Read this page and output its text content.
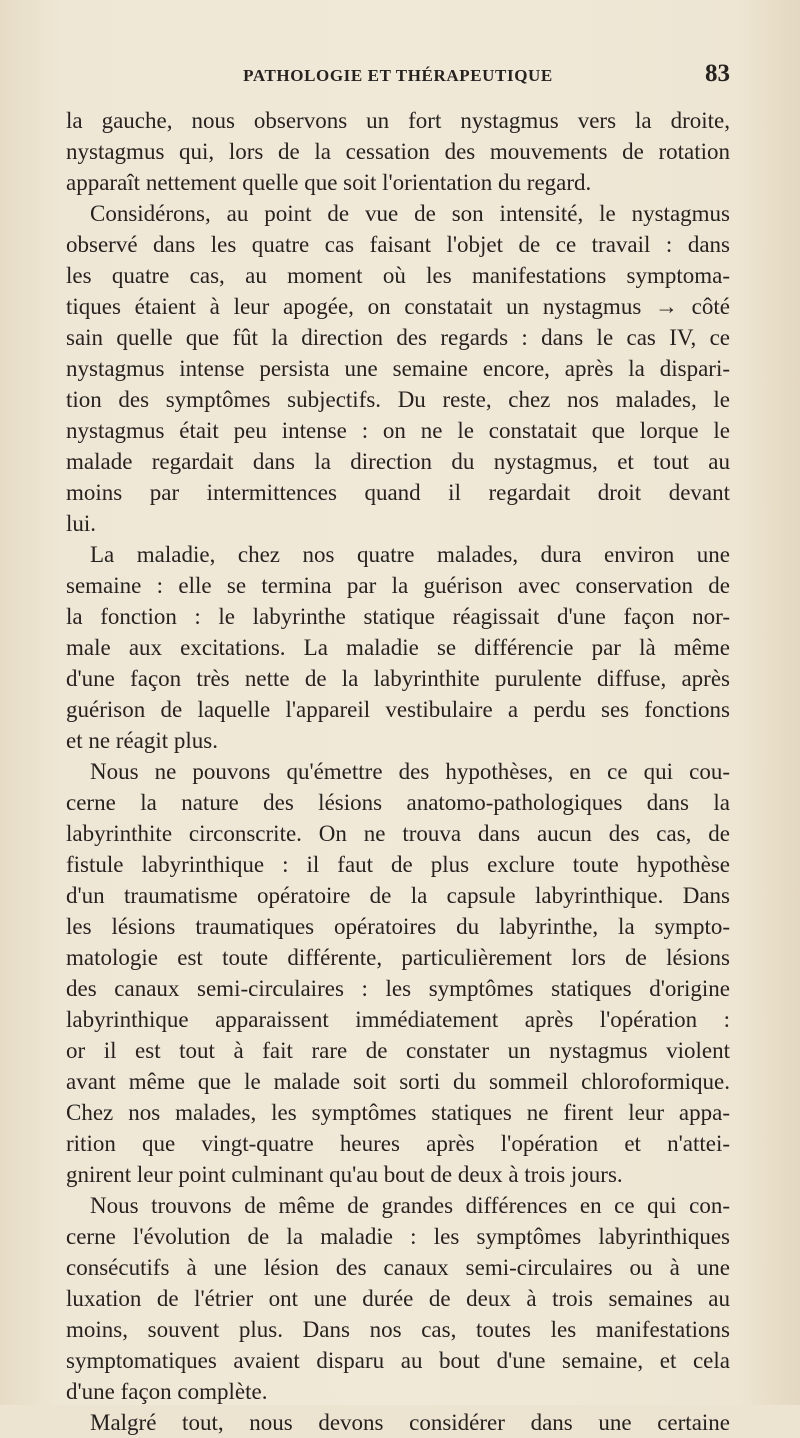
PATHOLOGIE ET THÉRAPEUTIQUE	83
la gauche, nous observons un fort nystagmus vers la droite,
nystagmus qui, lors de la cessation des mouvements de rotation
apparaît nettement quelle que soit l'orientation du regard.
Considérons, au point de vue de son intensité, le nystagmus
observé dans les quatre cas faisant l'objet de ce travail : dans
les quatre cas, au moment où les manifestations symptoma-
tiques étaient à leur apogée, on constatait un nystagmus → côté
sain quelle que fût la direction des regards : dans le cas IV, ce
nystagmus intense persista une semaine encore, après la dispari-
tion des symptômes subjectifs. Du reste, chez nos malades, le
nystagmus était peu intense : on ne le constatait que lorque le
malade regardait dans la direction du nystagmus, et tout au
moins par intermittences quand il regardait droit devant
lui.
La maladie, chez nos quatre malades, dura environ une
semaine : elle se termina par la guérison avec conservation de
la fonction : le labyrinthe statique réagissait d'une façon nor-
male aux excitations. La maladie se différencie par là même
d'une façon très nette de la labyrinthite purulente diffuse, après
guérison de laquelle l'appareil vestibulaire a perdu ses fonctions
et ne réagit plus.
Nous ne pouvons qu'émettre des hypothèses, en ce qui cou-
cerne la nature des lésions anatomo-pathologiques dans la
labyrinthite circonscrite. On ne trouva dans aucun des cas, de
fistule labyrinthique : il faut de plus exclure toute hypothèse
d'un traumatisme opératoire de la capsule labyrinthique. Dans
les lésions traumatiques opératoires du labyrinthe, la sympto-
matologie est toute différente, particulièrement lors de lésions
des canaux semi-circulaires : les symptômes statiques d'origine
labyrinthique apparaissent immédiatement après l'opération :
or il est tout à fait rare de constater un nystagmus violent
avant même que le malade soit sorti du sommeil chloroformique.
Chez nos malades, les symptômes statiques ne firent leur appa-
rition que vingt-quatre heures après l'opération et n'attei-
gnirent leur point culminant qu'au bout de deux à trois jours.
Nous trouvons de même de grandes différences en ce qui con-
cerne l'évolution de la maladie : les symptômes labyrinthiques
consécutifs à une lésion des canaux semi-circulaires ou à une
luxation de l'étrier ont une durée de deux à trois semaines au
moins, souvent plus. Dans nos cas, toutes les manifestations
symptomatiques avaient disparu au bout d'une semaine, et cela
d'une façon complète.
Malgré tout, nous devons considérer dans une certaine
